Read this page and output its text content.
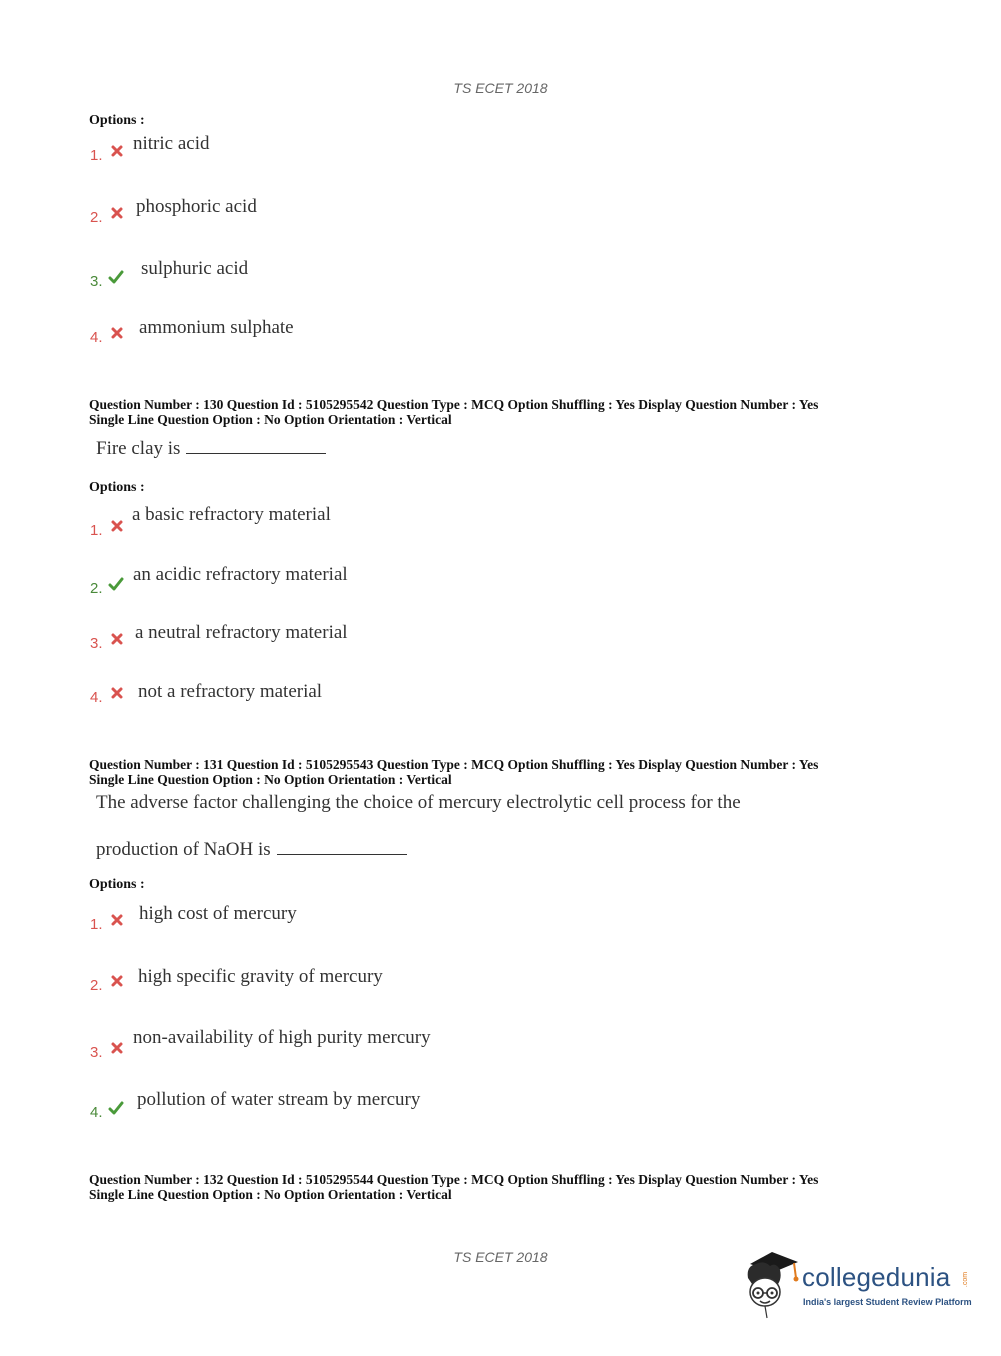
TS ECET 2018
Options :
1.
nitric acid
2.
phosphoric acid
3.
sulphuric acid
4. ammonium sulphate
Question Number : 130 Question Id : 5105295542 Question Type : MCQ Option Shuffling : Yes Display Question Number : Yes
Single Line Question Option : No Option Orientation : Vertical
Fire clay is
Options :
1.
a basic refractory material
2.
an acidic refractory material
3.
a neutral refractory material
4. not a refractory material
Question Number : 131 Question Id : 5105295543 Question Type : MCQ Option Shuffling : Yes Display Question Number : Yes
Single Line Question Option : No Option Orientation : Vertical
The adverse factor challenging the choice of mercury electrolytic cell process for the
production of NaOH is
Options :
1.
high cost of mercury
2. high specific gravity of mercury
3.
non-availability of high purity mercury
4.
pollution of water stream by mercury
Question Number : 132 Question Id : 5105295544 Question Type : MCQ Option Shuffling : Yes Display Question Number : Yes
Single Line Question Option : No Option Orientation : Vertical
TS ECET 2018
collegedunia .com
India's largest Student Review Platform
